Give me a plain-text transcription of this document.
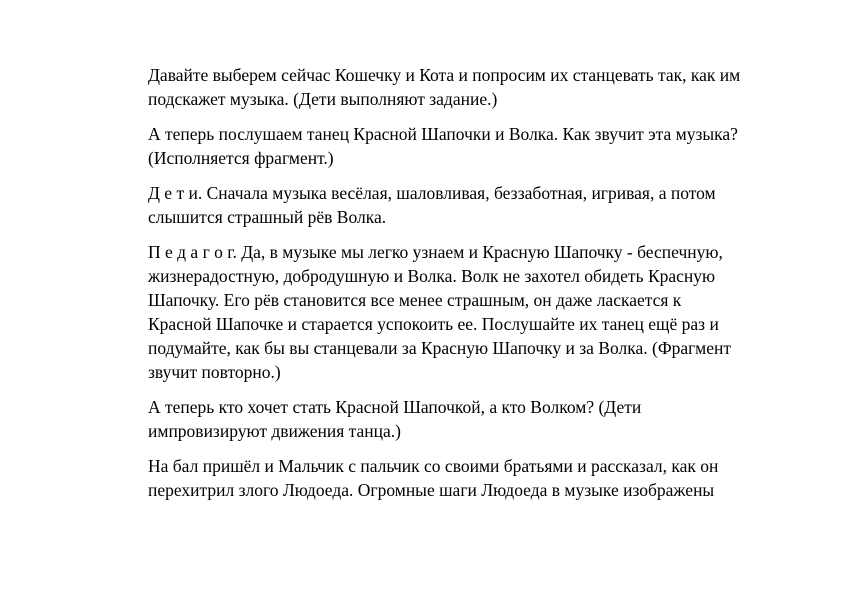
Давайте выберем сейчас Кошечку и Кота и попросим их станцевать так, как им
подскажет музыка. (Дети выполняют задание.)

А теперь послушаем танец Красной Шапочки и Волка. Как звучит эта музыка?
(Исполняется фрагмент.)

Д е т и. Сначала музыка весёлая, шаловливая, беззаботная, игривая, а потом
слышится страшный рёв Волка.

П е д а г о г. Да, в музыке мы легко узнаем и Красную Шапочку - беспечную,
жизнерадостную, добродушную и Волка. Волк не захотел обидеть Красную
Шапочку. Его рёв становится все менее страшным, он даже ласкается к
Красной Шапочке и старается успокоить ее. Послушайте их танец ещё раз и
подумайте, как бы вы станцевали за Красную Шапочку и за Волка. (Фрагмент
звучит повторно.)

А теперь кто хочет стать Красной Шапочкой, а кто Волком? (Дети
импровизируют движения танца.)

На бал пришёл и Мальчик с пальчик со своими братьями и рассказал, как он
перехитрил злого Людоеда. Огромные шаги Людоеда в музыке изображены
